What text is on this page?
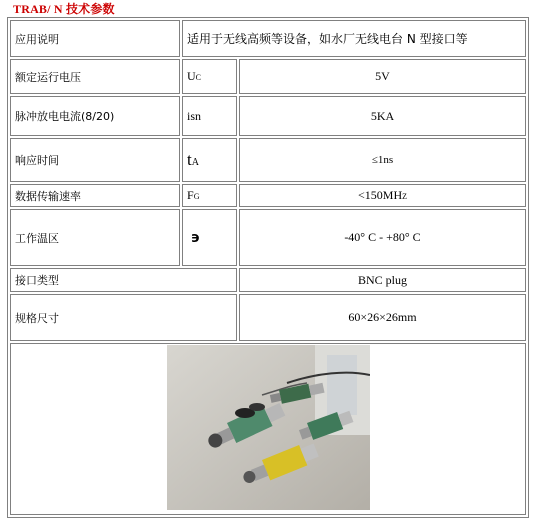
TRAB/ N 技术参数
应用说明	适用于无线高频等设备，如水厂无线电台 N 型接口等	
额定运行电压	UC	5V
脉冲放电电流(8/20)	isn	5KA
响应时间	tA	≤1ns
数据传输速率	FG	<150MHZ
工作温区	϶	-40° C - +80° C
接口类型		BNC plug
规格尺寸		60×26×26mm
